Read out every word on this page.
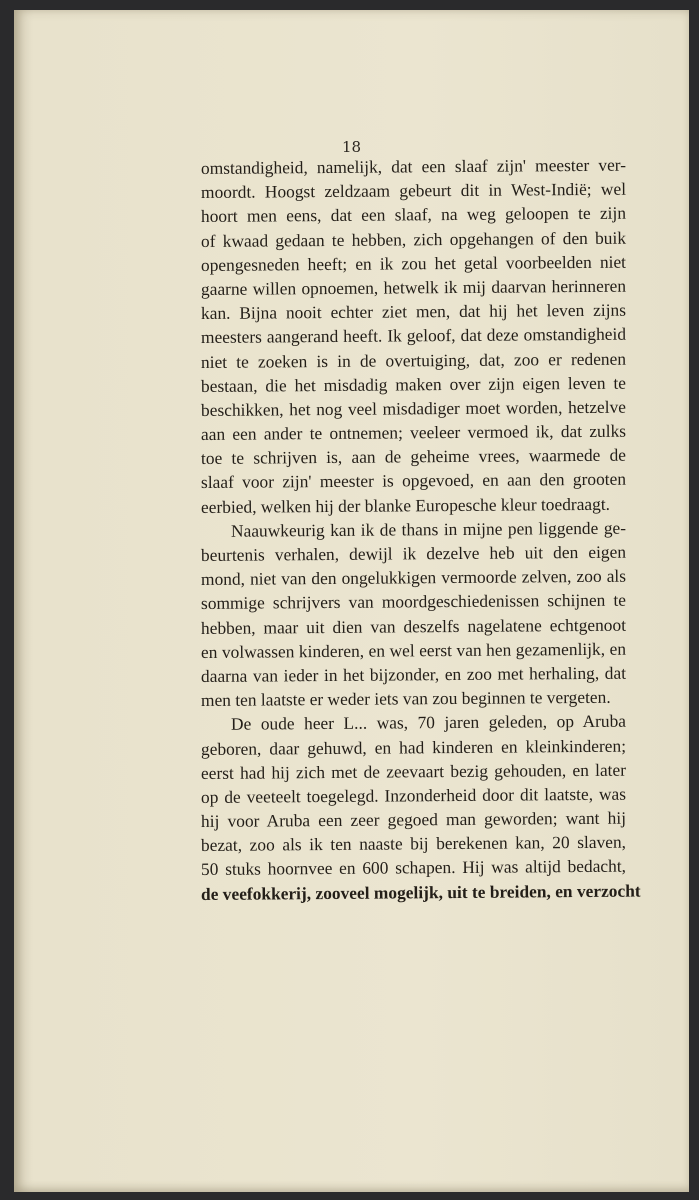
18
omstandigheid, namelijk, dat een slaaf zijn' meester ver-
moordt. Hoogst zeldzaam gebeurt dit in West-Indië; wel
hoort men eens, dat een slaaf, na weg geloopen te zijn
of kwaad gedaan te hebben, zich opgehangen of den buik
opengesneden heeft; en ik zou het getal voorbeelden niet
gaarne willen opnoemen, hetwelk ik mij daarvan herinneren
kan. Bijna nooit echter ziet men, dat hij het leven zijns
meesters aangerand heeft. Ik geloof, dat deze omstandigheid
niet te zoeken is in de overtuiging, dat, zoo er redenen
bestaan, die het misdadig maken over zijn eigen leven te
beschikken, het nog veel misdadiger moet worden, hetzelve
aan een ander te ontnemen; veeleer vermoed ik, dat zulks
toe te schrijven is, aan de geheime vrees, waarmede de
slaaf voor zijn' meester is opgevoed, en aan den grooten
eerbied, welken hij der blanke Europesche kleur toedraagt.
Naauwkeurig kan ik de thans in mijne pen liggende ge-
beurtenis verhalen, dewijl ik dezelve heb uit den eigen
mond, niet van den ongelukkigen vermoorde zelven, zoo als
sommige schrijvers van moordgeschiedenissen schijnen te
hebben, maar uit dien van deszelfs nagelatene echtgenoot
en volwassen kinderen, en wel eerst van hen gezamenlijk, en
daarna van ieder in het bijzonder, en zoo met herhaling, dat
men ten laatste er weder iets van zou beginnen te vergeten.
De oude heer L... was, 70 jaren geleden, op Aruba
geboren, daar gehuwd, en had kinderen en kleinkinderen;
eerst had hij zich met de zeevaart bezig gehouden, en later
op de veeteelt toegelegd. Inzonderheid door dit laatste, was
hij voor Aruba een zeer gegoed man geworden; want hij
bezat, zoo als ik ten naaste bij berekenen kan, 20 slaven,
50 stuks hoornvee en 600 schapen. Hij was altijd bedacht,
de veefokkerij, zooveel mogelijk, uit te breiden, en verzocht
